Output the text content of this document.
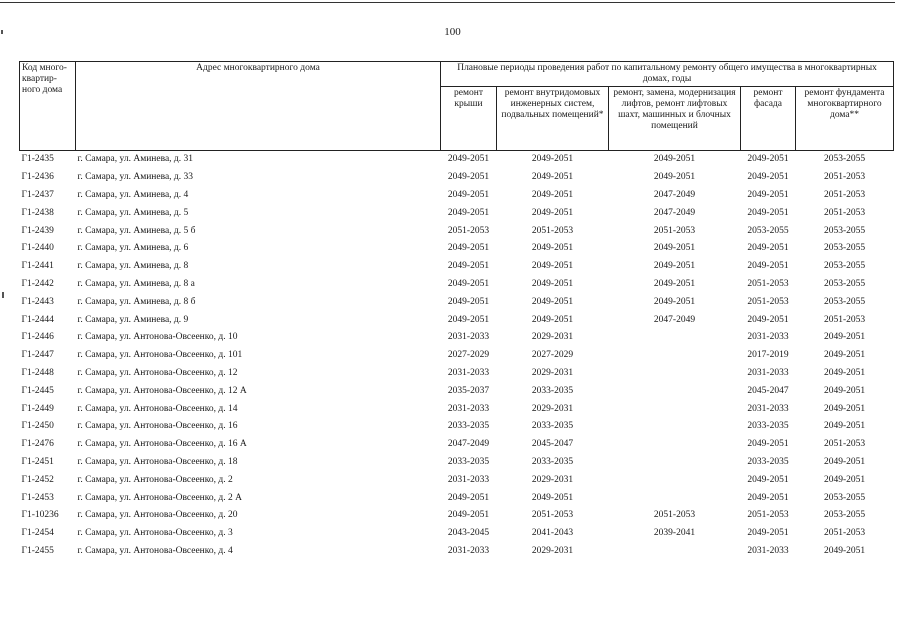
100
Код много-квартир-ного дома	Адрес многоквартирного дома	Плановые периоды проведения работ по капитальному ремонту общего имущества в многоквартирных домах, годы				
		ремонт крыши	ремонт внутридомовых инженерных систем, подвальных помещений*	ремонт, замена, модернизация лифтов, ремонт лифтовых шахт, машинных и блочных помещений	ремонт фасада	ремонт фундамента многоквартирного дома**
Г1-2435	г. Самара, ул. Аминева, д. 31	2049-2051	2049-2051	2049-2051	2049-2051	2053-2055
Г1-2436	г. Самара, ул. Аминева, д. 33	2049-2051	2049-2051	2049-2051	2049-2051	2051-2053
Г1-2437	г. Самара, ул. Аминева, д. 4	2049-2051	2049-2051	2047-2049	2049-2051	2051-2053
Г1-2438	г. Самара, ул. Аминева, д. 5	2049-2051	2049-2051	2047-2049	2049-2051	2051-2053
Г1-2439	г. Самара, ул. Аминева, д. 5 б	2051-2053	2051-2053	2051-2053	2053-2055	2053-2055
Г1-2440	г. Самара, ул. Аминева, д. 6	2049-2051	2049-2051	2049-2051	2049-2051	2053-2055
Г1-2441	г. Самара, ул. Аминева, д. 8	2049-2051	2049-2051	2049-2051	2049-2051	2053-2055
Г1-2442	г. Самара, ул. Аминева, д. 8 а	2049-2051	2049-2051	2049-2051	2051-2053	2053-2055
Г1-2443	г. Самара, ул. Аминева, д. 8 б	2049-2051	2049-2051	2049-2051	2051-2053	2053-2055
Г1-2444	г. Самара, ул. Аминева, д. 9	2049-2051	2049-2051	2047-2049	2049-2051	2051-2053
Г1-2446	г. Самара, ул. Антонова-Овсеенко, д. 10	2031-2033	2029-2031		2031-2033	2049-2051
Г1-2447	г. Самара, ул. Антонова-Овсеенко, д. 101	2027-2029	2027-2029		2017-2019	2049-2051
Г1-2448	г. Самара, ул. Антонова-Овсеенко, д. 12	2031-2033	2029-2031		2031-2033	2049-2051
Г1-2445	г. Самара, ул. Антонова-Овсеенко, д. 12 А	2035-2037	2033-2035		2045-2047	2049-2051
Г1-2449	г. Самара, ул. Антонова-Овсеенко, д. 14	2031-2033	2029-2031		2031-2033	2049-2051
Г1-2450	г. Самара, ул. Антонова-Овсеенко, д. 16	2033-2035	2033-2035		2033-2035	2049-2051
Г1-2476	г. Самара, ул. Антонова-Овсеенко, д. 16 А	2047-2049	2045-2047		2049-2051	2051-2053
Г1-2451	г. Самара, ул. Антонова-Овсеенко, д. 18	2033-2035	2033-2035		2033-2035	2049-2051
Г1-2452	г. Самара, ул. Антонова-Овсеенко, д. 2	2031-2033	2029-2031		2049-2051	2049-2051
Г1-2453	г. Самара, ул. Антонова-Овсеенко, д. 2 А	2049-2051	2049-2051		2049-2051	2053-2055
Г1-10236	г. Самара, ул. Антонова-Овсеенко, д. 20	2049-2051	2051-2053	2051-2053	2051-2053	2053-2055
Г1-2454	г. Самара, ул. Антонова-Овсеенко, д. 3	2043-2045	2041-2043	2039-2041	2049-2051	2051-2053
Г1-2455	г. Самара, ул. Антонова-Овсеенко, д. 4	2031-2033	2029-2031		2031-2033	2049-2051
